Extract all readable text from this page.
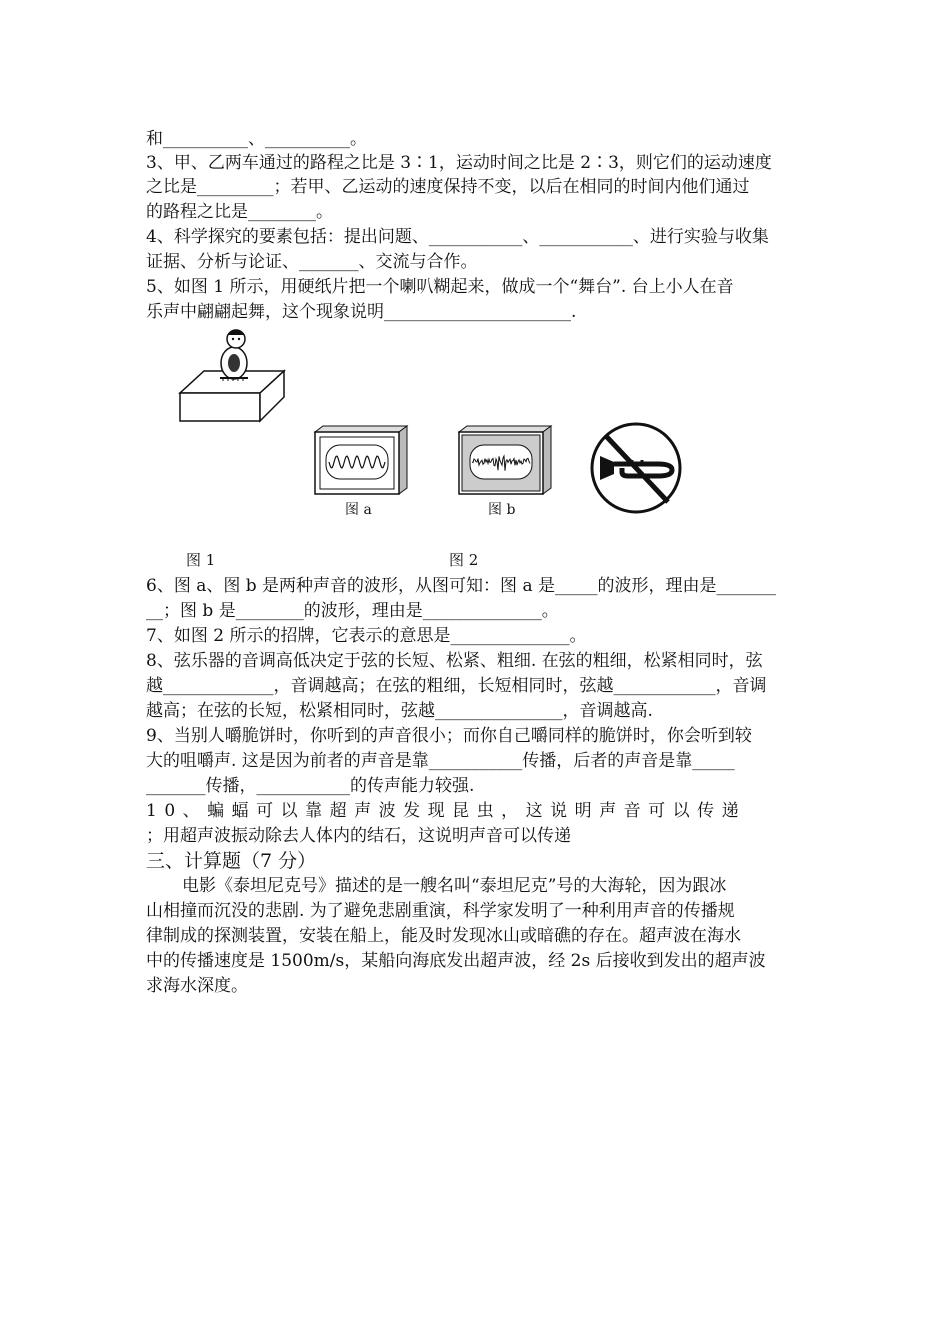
和__________、__________。
3、甲、乙两车通过的路程之比是 3∶1，运动时间之比是 2∶3，则它们的运动速度
之比是_________；若甲、乙运动的速度保持不变，以后在相同的时间内他们通过
的路程之比是________。
4、科学探究的要素包括：提出问题、___________、___________、进行实验与收集
证据、分析与论证、_______、交流与合作。
5、如图 1 所示，用硬纸片把一个喇叭糊起来，做成一个“舞台”. 台上小人在音
乐声中翩翩起舞，这个现象说明______________________.
图 a	图 b
图 1	图 2
6、图 a、图 b 是两种声音的波形，从图可知：图 a 是_____的波形，理由是_______
__；图 b 是________的波形，理由是______________。
7、如图 2 所示的招牌，它表示的意思是______________。
8、弦乐器的音调高低决定于弦的长短、松紧、粗细. 在弦的粗细，松紧相同时，弦
越_____________，音调越高；在弦的粗细，长短相同时，弦越____________，音调
越高；在弦的长短，松紧相同时，弦越_______________，音调越高.
9、当别人嚼脆饼时，你听到的声音很小；而你自己嚼同样的脆饼时，你会听到较
大的咀嚼声. 这是因为前者的声音是靠___________传播，后者的声音是靠_____
_______传播，___________的传声能力较强.
10、蝙蝠可以靠超声波发现昆虫，这说明声音可以传递
；用超声波振动除去人体内的结石，这说明声音可以传递
三、计算题（7 分）
电影《泰坦尼克号》描述的是一艘名叫“泰坦尼克”号的大海轮，因为跟冰
山相撞而沉没的悲剧. 为了避免悲剧重演，科学家发明了一种利用声音的传播规
律制成的探测装置，安装在船上，能及时发现冰山或暗礁的存在。超声波在海水
中的传播速度是 1500m/s，某船向海底发出超声波，经 2s 后接收到发出的超声波
求海水深度。
